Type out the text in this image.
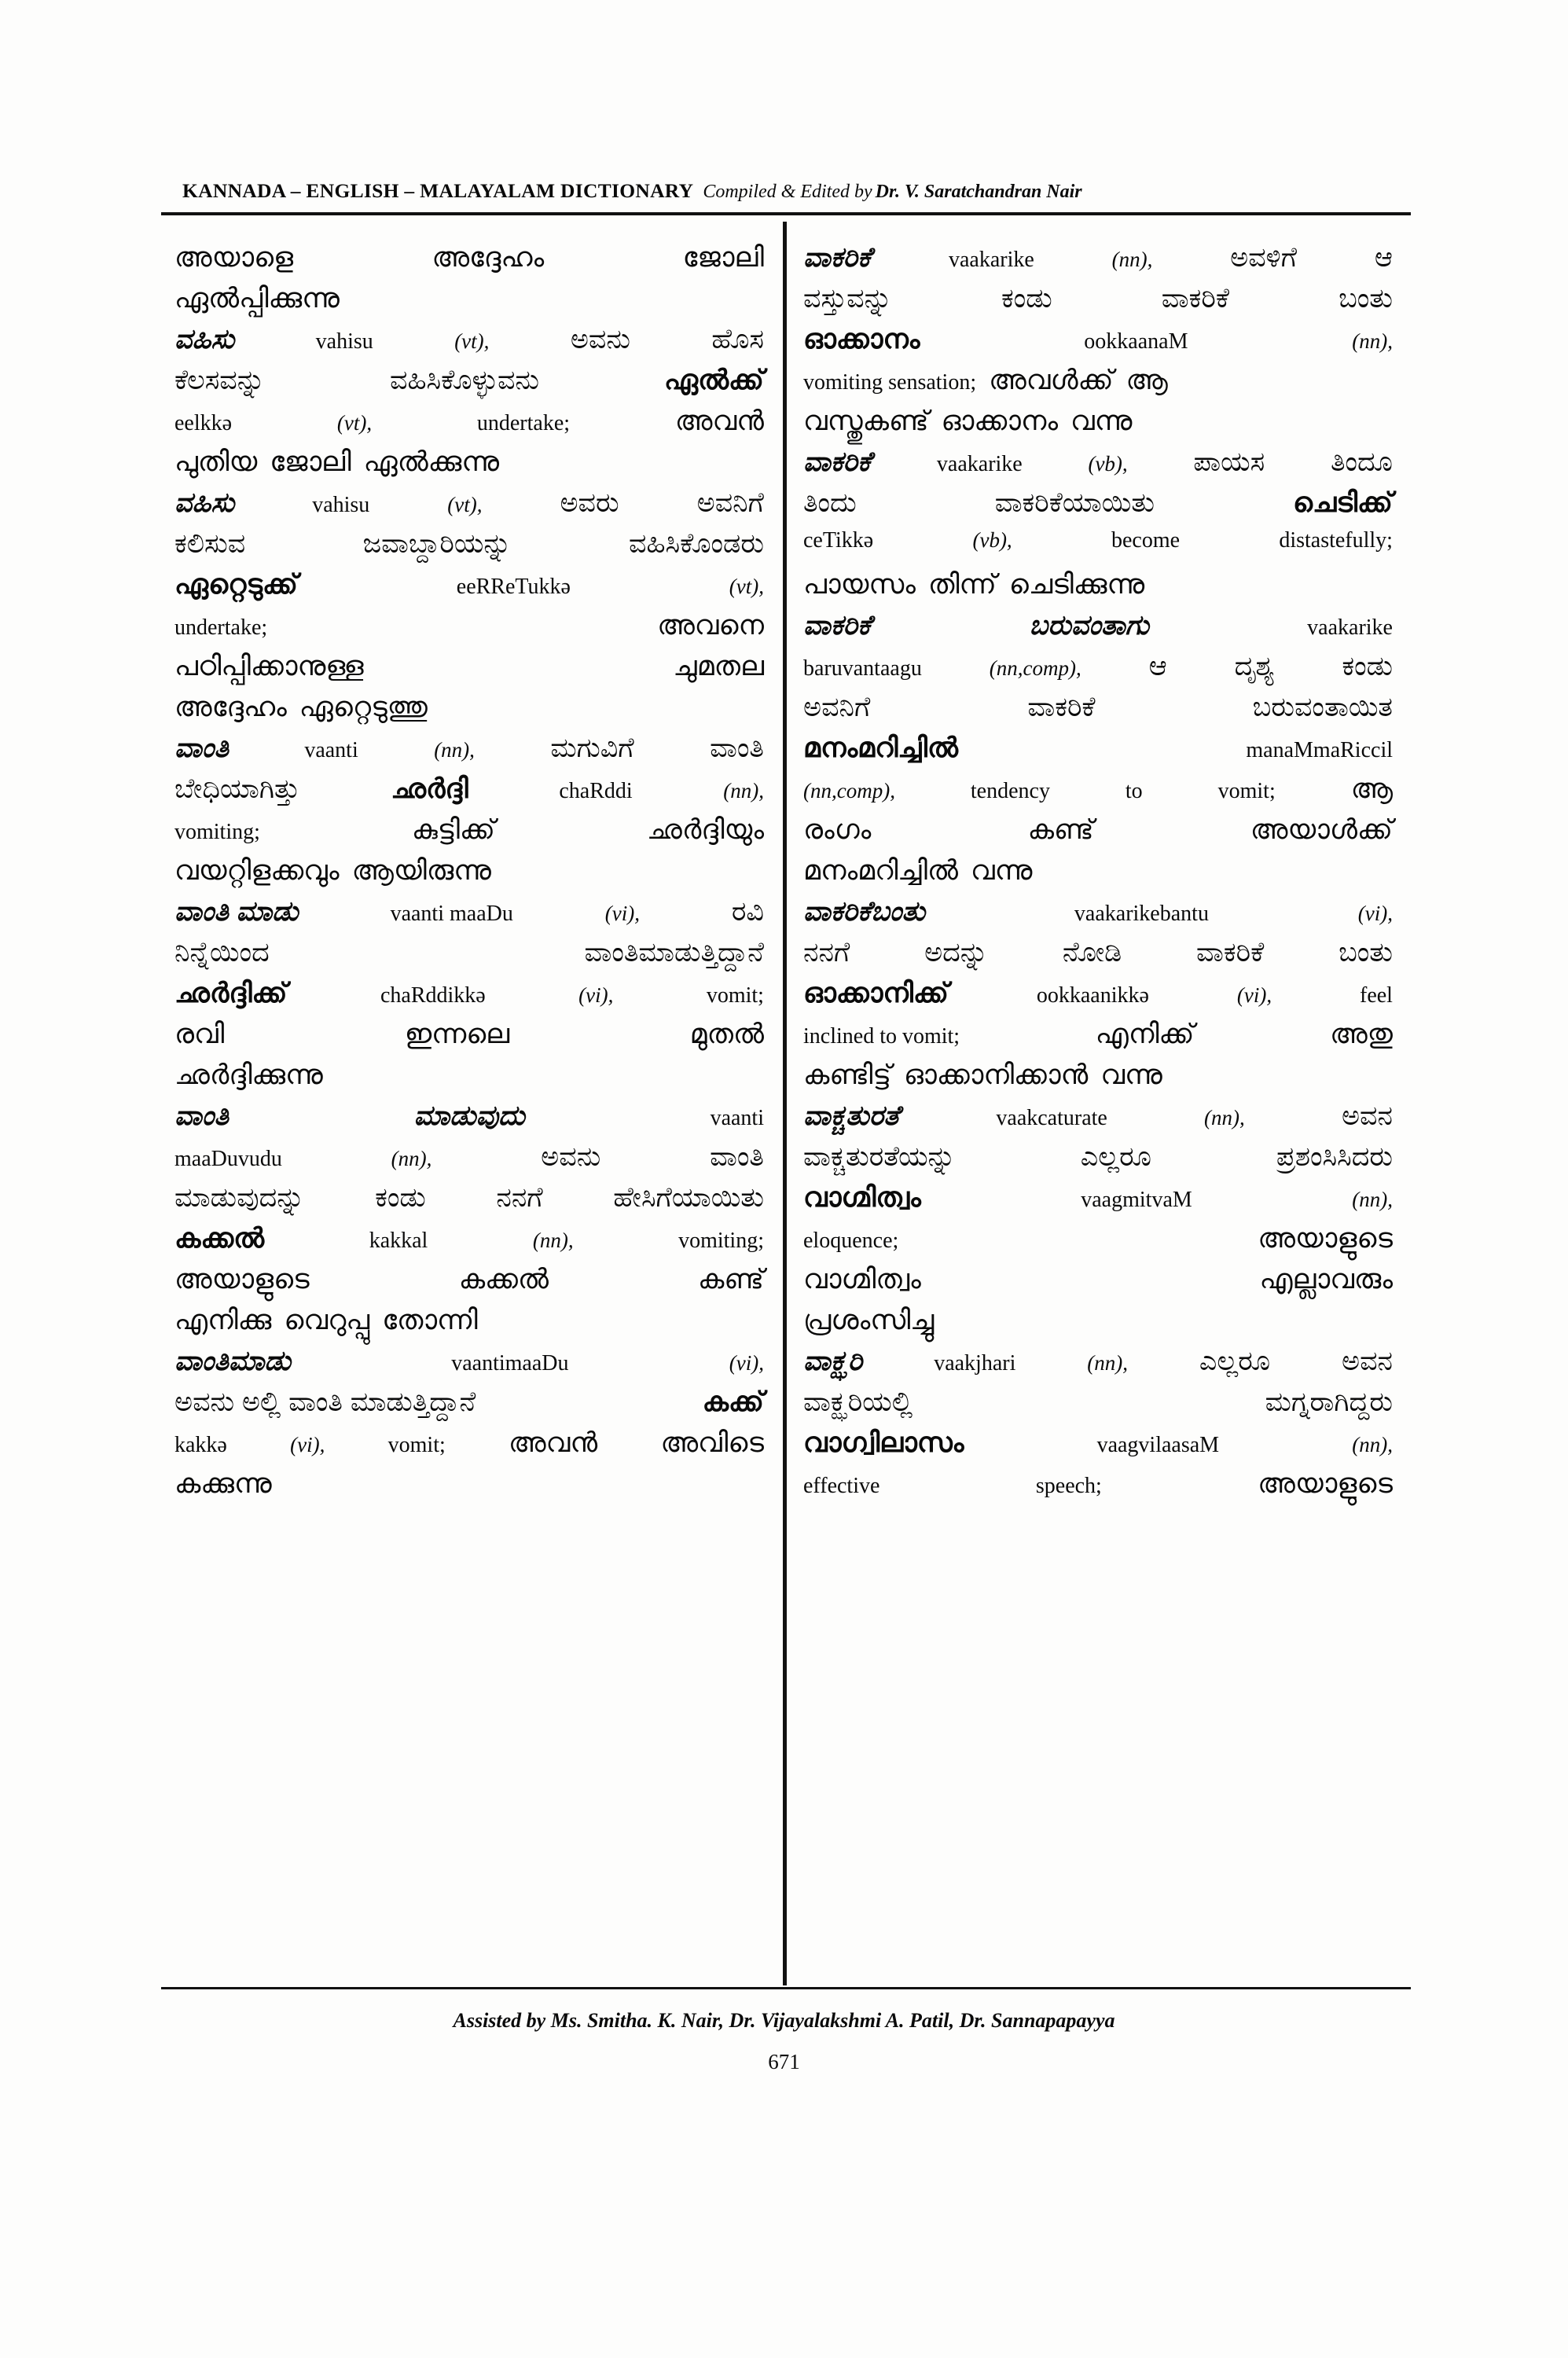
KANNADA – ENGLISH – MALAYALAM DICTIONARY Compiled & Edited by Dr. V. Saratchandran Nair
അയാളെ	അദ്ദേഹം	ജോലി
ഏൽപ്പിക്കുന്നു
ವಹಿಸು	vahisu	(vt),	ಅವನು	ಹೊಸ
ಕೆಲಸವನ್ನು	ವಹಿಸಿಕೊಳ್ಳುವನು	ഏൽക്ക്
eelkkə	(vt),	undertake;	അവൻ
പുതിയ ജോലി ഏൽക്കുന്നു
ವಹಿಸು	vahisu	(vt),	ಅವರು	ಅವನಿಗೆ
ಕಲಿಸುವ	ಜವಾಬ್ದಾರಿಯನ್ನು	ವಹಿಸಿಕೊಂಡರು
ഏറ്റെടുക്ക്	eeRReTukkə	(vt),
undertake;	അവനെ
പഠിപ്പിക്കാനുള്ള	ചുമതല
അദ്ദേഹം ഏറ്റെടുത്തു
ವಾಂತಿ	vaanti	(nn),	ಮಗುವಿಗೆ	ವಾಂತಿ
ಬೇಧಿಯಾಗಿತ್ತು	ഛർദ്ദി	chaRddi	(nn),
vomiting;	കുട്ടിക്ക്	ഛർദ്ദിയും
വയറ്റിളക്കവും ആയിരുന്നു
ವಾಂತಿ ಮಾಡು	vaanti maaDu	(vi),	ರವಿ
ನಿನ್ನೆಯಿಂದ	ವಾಂತಿಮಾಡುತ್ತಿದ್ದಾನೆ
ഛർദ്ദിക്ക്	chaRddikkə	(vi),	vomit;
രവി	ഇന്നലെ	മുതൽ
ഛർദ്ദിക്കുന്നു
ವಾಂತಿ	ಮಾಡುವುದು	vaanti
maaDuvudu	(nn),	ಅವನು	ವಾಂತಿ
ಮಾಡುವುದನ್ನು	ಕಂಡು	ನನಗೆ	ಹೇಸಿಗೆಯಾಯಿತು
കക്കൽ	kakkal	(nn),	vomiting;
അയാളുടെ	കക്കൽ	കണ്ട്
എനിക്കു വെറുപ്പു തോന്നി
ವಾಂತಿಮಾಡು	vaantimaaDu	(vi),
ಅವನು ಅಲ್ಲಿ ವಾಂತಿ ಮಾಡುತ್ತಿದ್ದಾನೆ	കക്ക്
kakkə	(vi),	vomit; അവൻ അവിടെ
കക്കുന്നു
ವಾಕರಿಕೆ	vaakarike	(nn),	ಅವಳಿಗೆ	ಆ
ವಸ್ತುವನ್ನು	ಕಂಡು	ವಾಕರಿಕೆ	ಬಂತು
ഓക്കാനം	ookkaanaM	(nn),
vomiting sensation; അവൾക്ക് ആ
വസ്തുകണ്ട് ഓക്കാനം വന്നു
ವಾಕರಿಕೆ	vaakarike	(vb), ಪಾಯಸ ತಿಂದೂ
ತಿಂದು	ವಾಕರಿಕೆಯಾಯಿತು	ചെടിക്ക്
ceTikkə	(vb),	become	distastefully;
പായസം തിന്ന് ചെടിക്കുന്നു
ವಾಕರಿಕೆ	ಬರುವಂತಾಗು	vaakarike
baruvantaagu	(nn,comp), ಆ ದೃಶ್ಯ ಕಂಡು
ಅವನಿಗೆ	ವಾಕರಿಕೆ	ಬರುವಂತಾಯಿತ
മനംമറിച്ചിൽ	manaMmaRiccil
(nn,comp),	tendency	to	vomit;	ആ
രംഗം	കണ്ട്	അയാൾക്ക്
മനംമറിച്ചിൽ വന്നു
ವಾಕರಿಕೆಬಂತು	vaakarikebantu	(vi),
ನನಗೆ	ಅದನ್ನು	ನೋಡಿ	ವಾಕರಿಕೆ	ಬಂತು
ഓക്കാനിക്ക്	ookkaanikkə	(vi),	feel
inclined to vomit;	എനിക്ക്	അതു
കണ്ടിട്ട് ഓക്കാനിക്കാൻ വന്നു
ವಾಕ್ಚತುರತೆ	vaakcaturate	(nn),	ಅವನ
ವಾಕ್ಚತುರತೆಯನ್ನು	ಎಲ್ಲರೂ	ಪ್ರಶಂಸಿಸಿದರು
വാഗ്മിത്വം	vaagmitvaM	(nn),
eloquence;	അയാളുടെ
വാഗ്മിത്വം	എല്ലാവരും
പ്രശംസിച്ചു
ವಾಕ್ಝರಿ	vaakjhari	(nn),	ಎಲ್ಲರೂ	ಅವನ
ವಾಕ್ಝರಿಯಲ್ಲಿ	ಮಗ್ನರಾಗಿದ್ದರು
വാഗ്വിലാസം	vaagvilaasaM	(nn),
effective	speech;	അയാളുടെ
Assisted by Ms. Smitha. K. Nair, Dr. Vijayalakshmi A. Patil, Dr. Sannapapayya
671
